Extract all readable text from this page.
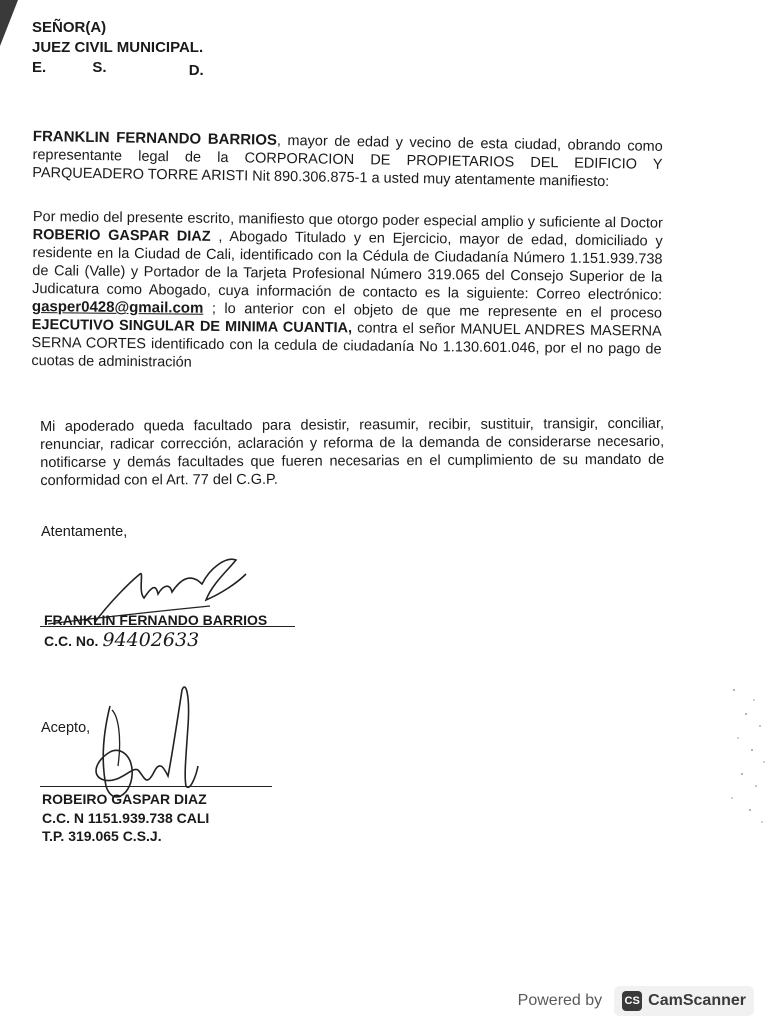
SEÑOR(A)
JUEZ CIVIL MUNICIPAL.
E.	S.	D.
FRANKLIN FERNANDO BARRIOS, mayor de edad y vecino de esta ciudad, obrando como representante legal de la CORPORACION DE PROPIETARIOS DEL EDIFICIO Y PARQUEADERO TORRE ARISTI Nit 890.306.875-1 a usted muy atentamente manifiesto:
Por medio del presente escrito, manifiesto que otorgo poder especial amplio y suficiente al Doctor ROBERIO GASPAR DIAZ , Abogado Titulado y en Ejercicio, mayor de edad, domiciliado y residente en la Ciudad de Cali, identificado con la Cédula de Ciudadanía Número 1.151.939.738 de Cali (Valle) y Portador de la Tarjeta Profesional Número 319.065 del Consejo Superior de la Judicatura como Abogado, cuya información de contacto es la siguiente: Correo electrónico: gasper0428@gmail.com ; lo anterior con el objeto de que me represente en el proceso EJECUTIVO SINGULAR DE MINIMA CUANTIA, contra el señor MANUEL ANDRES MASERNA SERNA CORTES identificado con la cedula de ciudadanía No 1.130.601.046, por el no pago de cuotas de administración
Mi apoderado queda facultado para desistir, reasumir, recibir, sustituir, transigir, conciliar, renunciar, radicar corrección, aclaración y reforma de la demanda de considerarse necesario, notificarse y demás facultades que fueren necesarias en el cumplimiento de su mandato de conformidad con el Art. 77 del C.G.P.
Atentamente,
FRANKLIN FERNANDO BARRIOS
C.C. No. 94402633
Acepto,
ROBEIRO GASPAR DIAZ
C.C. N 1151.939.738 CALI
T.P. 319.065 C.S.J.
Powered by CS CamScanner
